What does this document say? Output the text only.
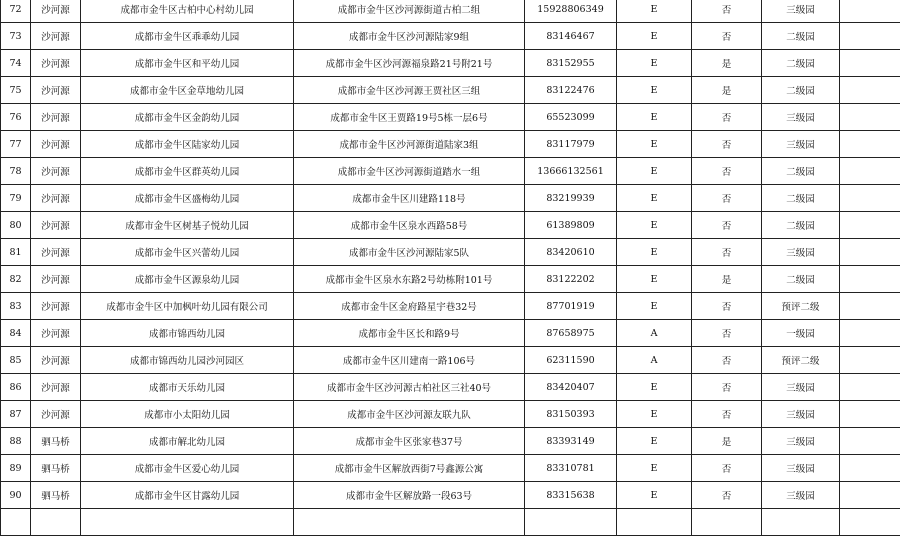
72	沙河源	成都市金牛区古柏中心村幼儿园	成都市金牛区沙河源街道古柏二组	15928806349	E	否	三级园	
73	沙河源	成都市金牛区乖乖幼儿园	成都市金牛区沙河源陆家9组	83146467	E	否	二级园	
74	沙河源	成都市金牛区和平幼儿园	成都市金牛区沙河源福泉路21号附21号	83152955	E	是	二级园	
75	沙河源	成都市金牛区金草地幼儿园	成都市金牛区沙河源王贾社区三组	83122476	E	是	二级园	
76	沙河源	成都市金牛区金韵幼儿园	成都市金牛区王贾路19号5栋一层6号	65523099	E	否	三级园	
77	沙河源	成都市金牛区陆家幼儿园	成都市金牛区沙河源街道陆家3组	83117979	E	否	三级园	
78	沙河源	成都市金牛区群英幼儿园	成都市金牛区沙河源街道踏水一组	13666132561	E	否	二级园	
79	沙河源	成都市金牛区盛梅幼儿园	成都市金牛区川建路118号	83219939	E	否	二级园	
80	沙河源	成都市金牛区树基子悦幼儿园	成都市金牛区泉水西路58号	61389809	E	否	二级园	
81	沙河源	成都市金牛区兴蕾幼儿园	成都市金牛区沙河源陆家5队	83420610	E	否	三级园	
82	沙河源	成都市金牛区源泉幼儿园	成都市金牛区泉水东路2号幼栋附101号	83122202	E	是	二级园	
83	沙河源	成都市金牛区中加枫叶幼儿园有限公司	成都市金牛区金府路星宇巷32号	87701919	E	否	预评二级	
84	沙河源	成都市锦西幼儿园	成都市金牛区长和路9号	87658975	A	否	一级园	
85	沙河源	成都市锦西幼儿园沙河园区	成都市金牛区川建南一路106号	62311590	A	否	预评二级	
86	沙河源	成都市天乐幼儿园	成都市金牛区沙河源古柏社区三社40号	83420407	E	否	三级园	
87	沙河源	成都市小太阳幼儿园	成都市金牛区沙河源友联九队	83150393	E	否	三级园	
88	驷马桥	成都市解北幼儿园	成都市金牛区张家巷37号	83393149	E	是	三级园	
89	驷马桥	成都市金牛区爱心幼儿园	成都市金牛区解放西街7号鑫源公寓	83310781	E	否	三级园	
90	驷马桥	成都市金牛区甘露幼儿园	成都市金牛区解放路一段63号	83315638	E	否	三级园	
